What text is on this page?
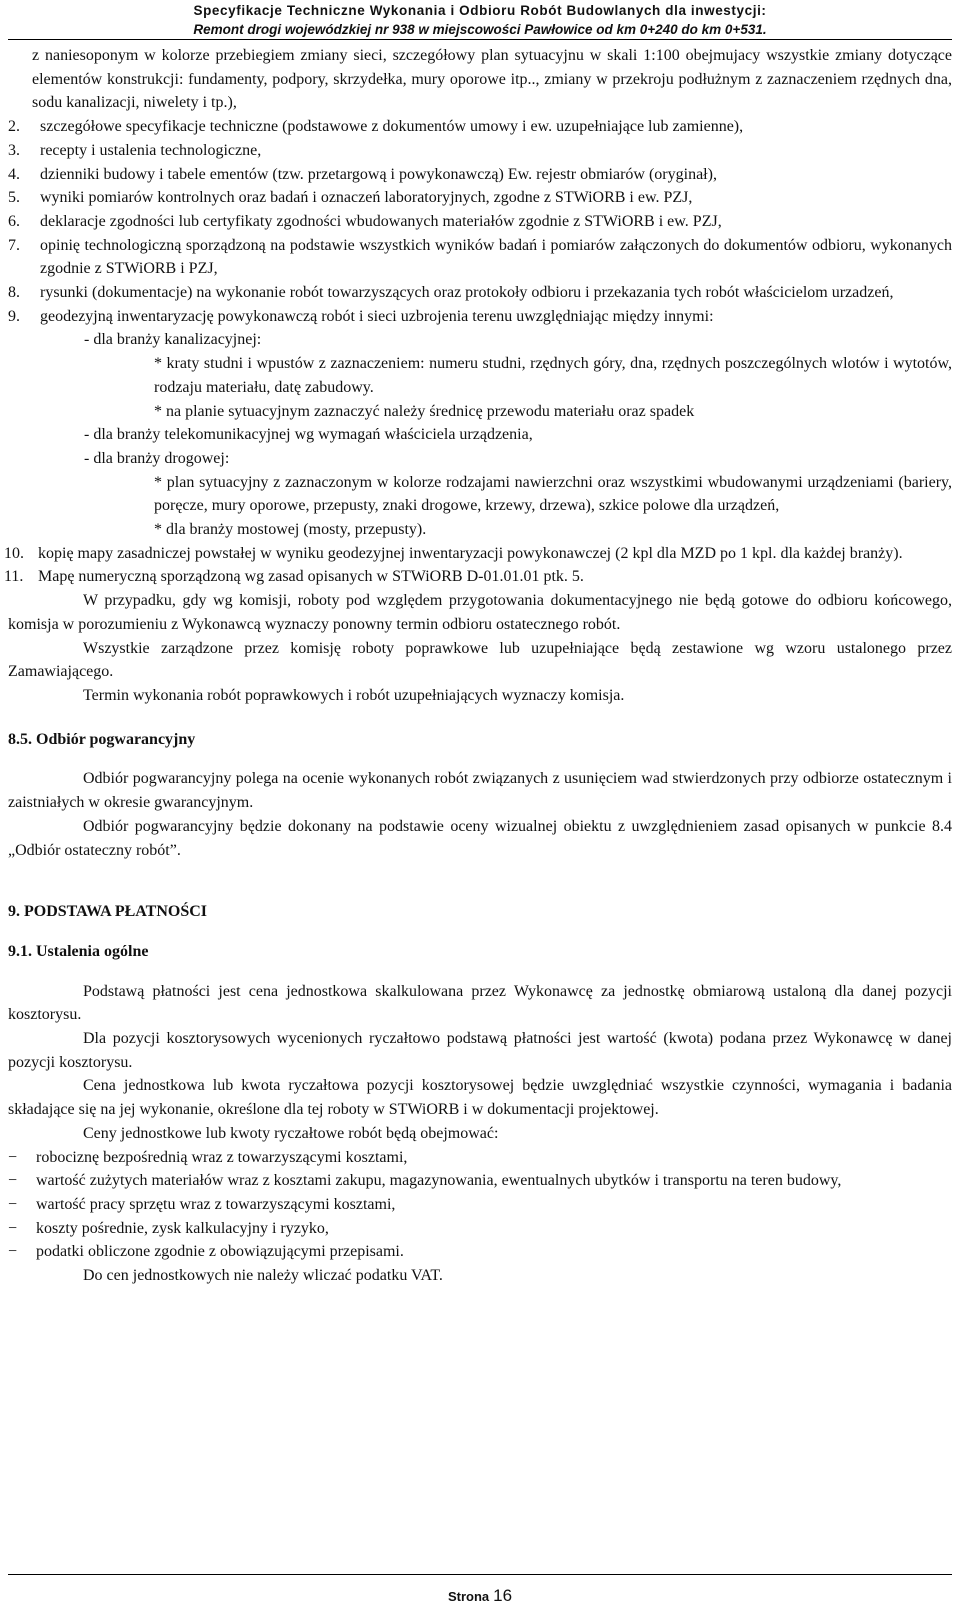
Specyfikacje Techniczne Wykonania i Odbioru Robót Budowlanych dla inwestycji:
Remont drogi wojewódzkiej nr 938 w miejscowości Pawłowice od km 0+240 do km 0+531.
z naniesoponym w kolorze przebiegiem zmiany sieci, szczegółowy plan sytuacyjnu w skali 1:100 obejmujacy wszystkie zmiany dotyczące elementów konstrukcji: fundamenty, podpory, skrzydełka, mury oporowe itp.., zmiany w przekroju podłużnym z zaznaczeniem rzędnych dna, sodu kanalizacji, niwelety i tp.),
2.	szczegółowe specyfikacje techniczne (podstawowe z dokumentów umowy i ew. uzupełniające lub zamienne),
3.	recepty i ustalenia technologiczne,
4.	dzienniki budowy i tabele ementów (tzw. przetargową i powykonawczą) Ew. rejestr obmiarów (oryginał),
5.	wyniki pomiarów kontrolnych oraz badań i oznaczeń laboratoryjnych, zgodne z STWiORB i ew. PZJ,
6.	deklaracje zgodności lub certyfikaty zgodności wbudowanych materiałów zgodnie z STWiORB i ew. PZJ,
7.	opinię technologiczną sporządzoną na podstawie wszystkich wyników badań i pomiarów załączonych do dokumentów odbioru, wykonanych zgodnie z STWiORB i PZJ,
8.	rysunki (dokumentacje) na wykonanie robót towarzyszących oraz protokoły odbioru i przekazania tych robót właścicielom urzadzeń,
9.	geodezyjną inwentaryzację powykonawczą robót i sieci uzbrojenia terenu uwzględniając między innymi:
- dla branży kanalizacyjnej:
* kraty studni i wpustów z zaznaczeniem: numeru studni, rzędnych góry, dna, rzędnych poszczególnych wlotów i wytotów, rodzaju materiału, datę zabudowy.
* na planie sytuacyjnym zaznaczyć należy średnicę przewodu materiału oraz spadek
- dla branży telekomunikacyjnej wg wymagań właściciela urządzenia,
- dla branży drogowej:
* plan sytuacyjny z zaznaczonym w kolorze rodzajami nawierzchni oraz wszystkimi wbudowanymi urządzeniami (bariery, poręcze, mury oporowe, przepusty, znaki drogowe, krzewy, drzewa), szkice polowe dla urządzeń,
* dla branży mostowej (mosty, przepusty).
10. kopię mapy zasadniczej powstałej w wyniku geodezyjnej inwentaryzacji powykonawczej (2 kpl dla MZD po 1 kpl. dla każdej branży).
11. Mapę numeryczną sporządzoną wg zasad opisanych w STWiORB D-01.01.01 ptk. 5.
W przypadku, gdy wg komisji, roboty pod względem przygotowania dokumentacyjnego nie będą gotowe do odbioru końcowego, komisja w porozumieniu z Wykonawcą wyznaczy ponowny termin odbioru ostatecznego robót.
Wszystkie zarządzone przez komisję roboty poprawkowe lub uzupełniające będą zestawione wg wzoru ustalonego przez Zamawiającego.
Termin wykonania robót poprawkowych i robót uzupełniających wyznaczy komisja.
8.5. Odbiór pogwarancyjny
Odbiór pogwarancyjny polega na ocenie wykonanych robót związanych z usunięciem wad stwierdzonych przy odbiorze ostatecznym i zaistniałych w okresie gwarancyjnym.
Odbiór pogwarancyjny będzie dokonany na podstawie oceny wizualnej obiektu z uwzględnieniem zasad opisanych w punkcie 8.4 „Odbiór ostateczny robót”.
9. PODSTAWA PŁATNOŚCI
9.1. Ustalenia ogólne
Podstawą płatności jest cena jednostkowa skalkulowana przez Wykonawcę za jednostkę obmiarową ustaloną dla danej pozycji kosztorysu.
Dla pozycji kosztorysowych wycenionych ryczałtowo podstawą płatności jest wartość (kwota) podana przez Wykonawcę w danej pozycji kosztorysu.
Cena jednostkowa lub kwota ryczałtowa pozycji kosztorysowej będzie uwzględniać wszystkie czynności, wymagania i badania składające się na jej wykonanie, określone dla tej roboty w STWiORB i w dokumentacji projektowej.
Ceny jednostkowe lub kwoty ryczałtowe robót będą obejmować:
−	robociznę bezpośrednią wraz z towarzyszącymi kosztami,
−	wartość zużytych materiałów wraz z kosztami zakupu, magazynowania, ewentualnych ubytków i transportu na teren budowy,
−	wartość pracy sprzętu wraz z towarzyszącymi kosztami,
−	koszty pośrednie, zysk kalkulacyjny i ryzyko,
−	podatki obliczone zgodnie z obowiązującymi przepisami.
Do cen jednostkowych nie należy wliczać podatku VAT.
Strona 16
